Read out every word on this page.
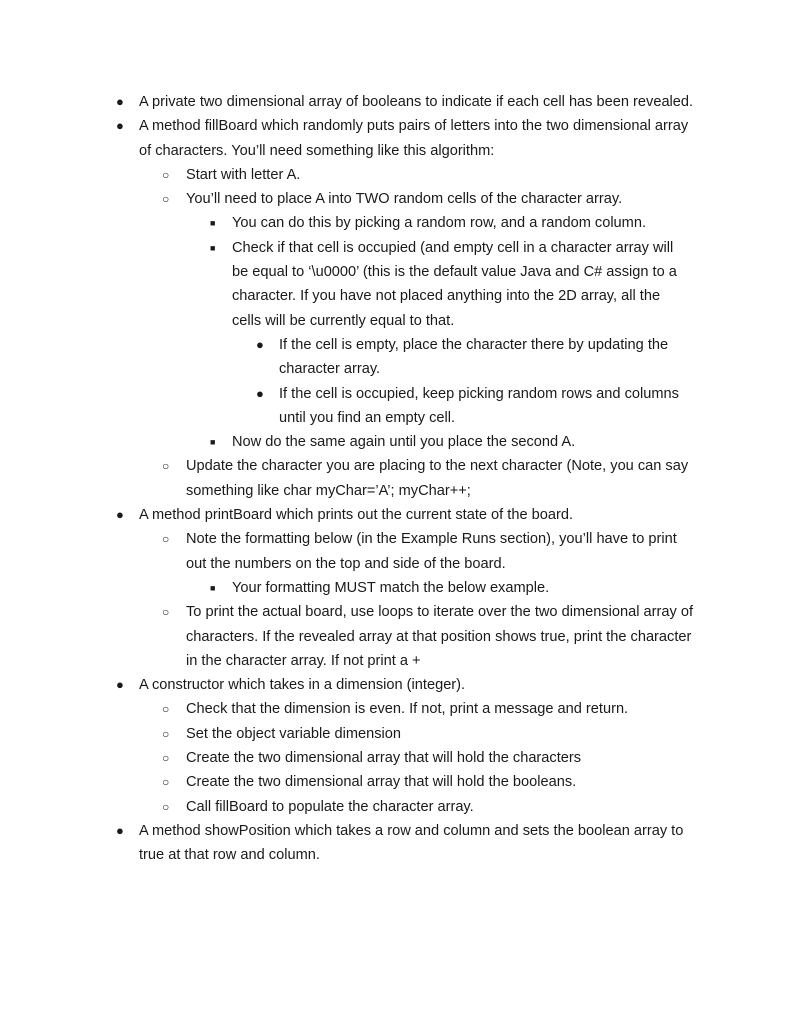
● A private two dimensional array of booleans to indicate if each cell has been revealed.
● A method fillBoard which randomly puts pairs of letters into the two dimensional array of characters. You’ll need something like this algorithm:
○ Start with letter A.
○ You’ll need to place A into TWO random cells of the character array.
■ You can do this by picking a random row, and a random column.
■ Check if that cell is occupied (and empty cell in a character array will be equal to ‘\u0000’ (this is the default value Java and C# assign to a character. If you have not placed anything into the 2D array, all the cells will be currently equal to that.
● If the cell is empty, place the character there by updating the character array.
● If the cell is occupied, keep picking random rows and columns until you find an empty cell.
■ Now do the same again until you place the second A.
○ Update the character you are placing to the next character (Note, you can say something like char myChar=’A’; myChar++;
● A method printBoard which prints out the current state of the board.
○ Note the formatting below (in the Example Runs section), you’ll have to print out the numbers on the top and side of the board.
■ Your formatting MUST match the below example.
○ To print the actual board, use loops to iterate over the two dimensional array of characters. If the revealed array at that position shows true, print the character in the character array. If not print a +
● A constructor which takes in a dimension (integer).
○ Check that the dimension is even. If not, print a message and return.
○ Set the object variable dimension
○ Create the two dimensional array that will hold the characters
○ Create the two dimensional array that will hold the booleans.
○ Call fillBoard to populate the character array.
● A method showPosition which takes a row and column and sets the boolean array to true at that row and column.
